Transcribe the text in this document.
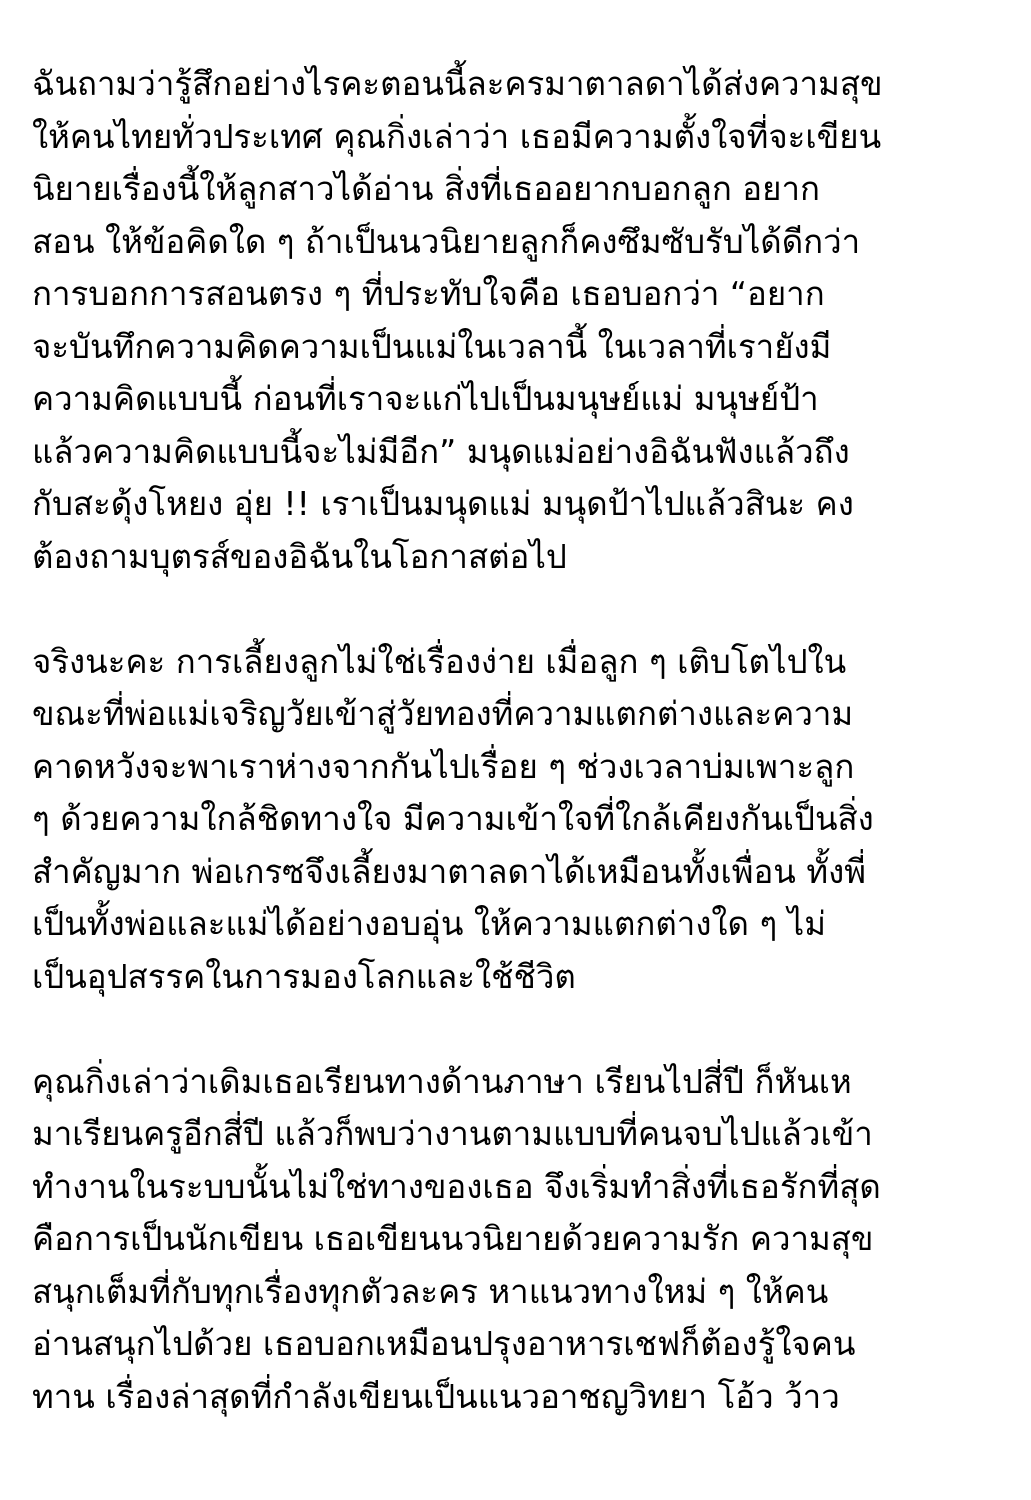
ฉันถามว่ารู้สึกอย่างไรคะตอนนี้ละครมาตาลดาได้ส่งความสุข
ให้คนไทยทั่วประเทศ คุณกิ่งเล่าว่า เธอมีความตั้งใจที่จะเขียน
นิยายเรื่องนี้ให้ลูกสาวได้อ่าน สิ่งที่เธออยากบอกลูก อยาก
สอน ให้ข้อคิดใด ๆ ถ้าเป็นนวนิยายลูกก็คงซึมซับรับได้ดีกว่า
การบอกการสอนตรง ๆ ที่ประทับใจคือ เธอบอกว่า “อยาก
จะบันทึกความคิดความเป็นแม่ในเวลานี้ ในเวลาที่เรายังมี
ความคิดแบบนี้ ก่อนที่เราจะแก่ไปเป็นมนุษย์แม่ มนุษย์ป้า
แล้วความคิดแบบนี้จะไม่มีอีก” มนุดแม่อย่างอิฉันฟังแล้วถึง
กับสะดุ้งโหยง อุ่ย !! เราเป็นมนุดแม่ มนุดป้าไปแล้วสินะ คง
ต้องถามบุตรส์ของอิฉันในโอกาสต่อไป
จริงนะคะ การเลี้ยงลูกไม่ใช่เรื่องง่าย เมื่อลูก ๆ เติบโตไปใน
ขณะที่พ่อแม่เจริญวัยเข้าสู่วัยทองที่ความแตกต่างและความ
คาดหวังจะพาเราห่างจากกันไปเรื่อย ๆ ช่วงเวลาบ่มเพาะลูก
ๆ ด้วยความใกล้ชิดทางใจ มีความเข้าใจที่ใกล้เคียงกันเป็นสิ่ง
สำคัญมาก พ่อเกรซจึงเลี้ยงมาตาลดาได้เหมือนทั้งเพื่อน ทั้งพี่
เป็นทั้งพ่อและแม่ได้อย่างอบอุ่น ให้ความแตกต่างใด ๆ ไม่
เป็นอุปสรรคในการมองโลกและใช้ชีวิต
คุณกิ่งเล่าว่าเดิมเธอเรียนทางด้านภาษา เรียนไปสี่ปี ก็หันเห
มาเรียนครูอีกสี่ปี แล้วก็พบว่างานตามแบบที่คนจบไปแล้วเข้า
ทำงานในระบบนั้นไม่ใช่ทางของเธอ จึงเริ่มทำสิ่งที่เธอรักที่สุด
คือการเป็นนักเขียน เธอเขียนนวนิยายด้วยความรัก ความสุข
สนุกเต็มที่กับทุกเรื่องทุกตัวละคร หาแนวทางใหม่ ๆ ให้คน
อ่านสนุกไปด้วย เธอบอกเหมือนปรุงอาหารเชฟก็ต้องรู้ใจคน
ทาน เรื่องล่าสุดที่กำลังเขียนเป็นแนวอาชญวิทยา โอ้ว ว้าว
